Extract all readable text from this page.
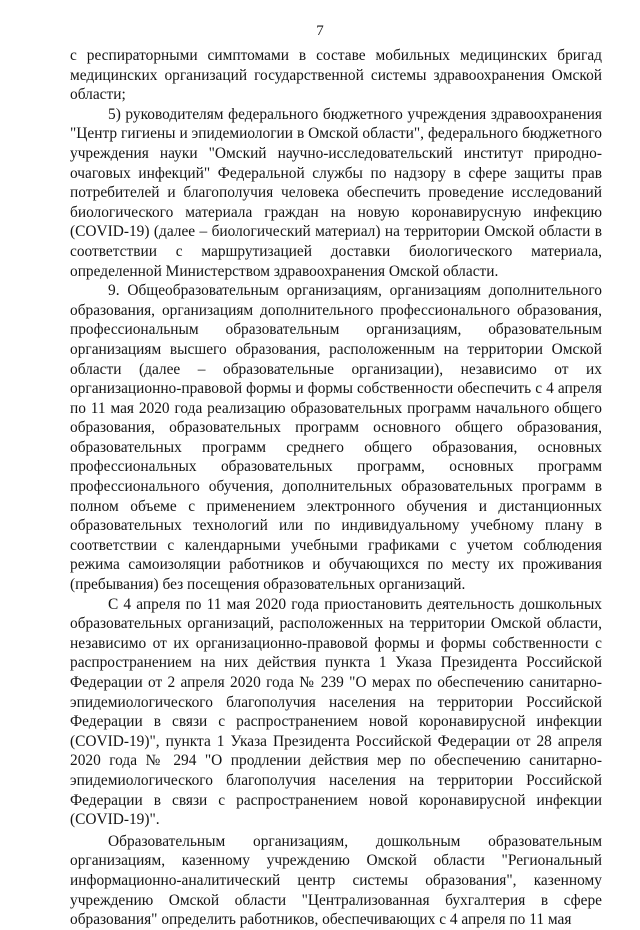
7

с респираторными симптомами в составе мобильных медицинских бригад медицинских организаций государственной системы здравоохранения Омской области;

5) руководителям федерального бюджетного учреждения здравоохранения "Центр гигиены и эпидемиологии в Омской области", федерального бюджетного учреждения науки "Омский научно-исследовательский институт природно-очаговых инфекций" Федеральной службы по надзору в сфере защиты прав потребителей и благополучия человека обеспечить проведение исследований биологического материала граждан на новую коронавирусную инфекцию (COVID-19) (далее – биологический материал) на территории Омской области в соответствии с маршрутизацией доставки биологического материала, определенной Министерством здравоохранения Омской области.

9. Общеобразовательным организациям, организациям дополнительного образования, организациям дополнительного профессионального образования, профессиональным образовательным организациям, образовательным организациям высшего образования, расположенным на территории Омской области (далее – образовательные организации), независимо от их организационно-правовой формы и формы собственности обеспечить с 4 апреля по 11 мая 2020 года реализацию образовательных программ начального общего образования, образовательных программ основного общего образования, образовательных программ среднего общего образования, основных профессиональных образовательных программ, основных программ профессионального обучения, дополнительных образовательных программ в полном объеме с применением электронного обучения и дистанционных образовательных технологий или по индивидуальному учебному плану в соответствии с календарными учебными графиками с учетом соблюдения режима самоизоляции работников и обучающихся по месту их проживания (пребывания) без посещения образовательных организаций.

С 4 апреля по 11 мая 2020 года приостановить деятельность дошкольных образовательных организаций, расположенных на территории Омской области, независимо от их организационно-правовой формы и формы собственности с распространением на них действия пункта 1 Указа Президента Российской Федерации от 2 апреля 2020 года № 239 "О мерах по обеспечению санитарно-эпидемиологического благополучия населения на территории Российской Федерации в связи с распространением новой коронавирусной инфекции (COVID-19)", пункта 1 Указа Президента Российской Федерации от 28 апреля 2020 года № 294 "О продлении действия мер по обеспечению санитарно-эпидемиологического благополучия населения на территории Российской Федерации в связи с распространением новой коронавирусной инфекции (COVID-19)".

Образовательным организациям, дошкольным образовательным организациям, казенному учреждению Омской области "Региональный информационно-аналитический центр системы образования", казенному учреждению Омской области "Централизованная бухгалтерия в сфере образования" определить работников, обеспечивающих с 4 апреля по 11 мая
